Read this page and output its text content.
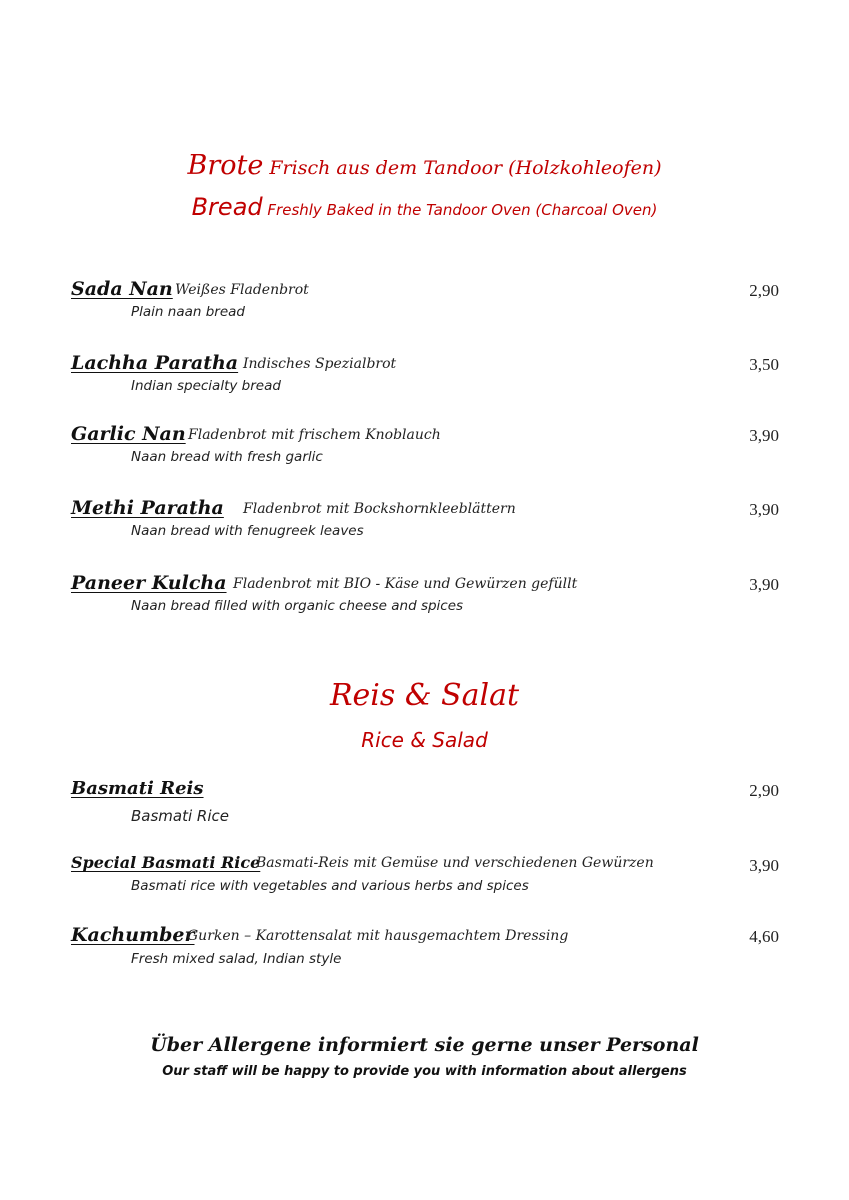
Brote Frisch aus dem Tandoor (Holzkohleofen)
Bread Freshly Baked in the Tandoor Oven (Charcoal Oven)
Sada Nan Weißes Fladenbrot	2,90
Plain naan bread
Lachha Paratha Indisches Spezialbrot	3,50
Indian specialty bread
Garlic Nan Fladenbrot mit frischem Knoblauch	3,90
Naan bread with fresh garlic
Methi Paratha Fladenbrot mit Bockshornkleeblättern	3,90
Naan bread with fenugreek leaves
Paneer Kulcha Fladenbrot mit BIO - Käse und Gewürzen gefüllt	3,90
Naan bread filled with organic cheese and spices
Reis & Salat
Rice & Salad
Basmati Reis	2,90
Basmati Rice
Special Basmati Rice
Basmati-Reis mit Gemüse und verschiedenen Gewürzen	3,90
Basmati rice with vegetables and various herbs and spices
Kachumber
Gurken – Karottensalat mit hausgemachtem Dressing	4,60
Fresh mixed salad, Indian style
Über Allergene informiert sie gerne unser Personal
Our staff will be happy to provide you with information about allergens
